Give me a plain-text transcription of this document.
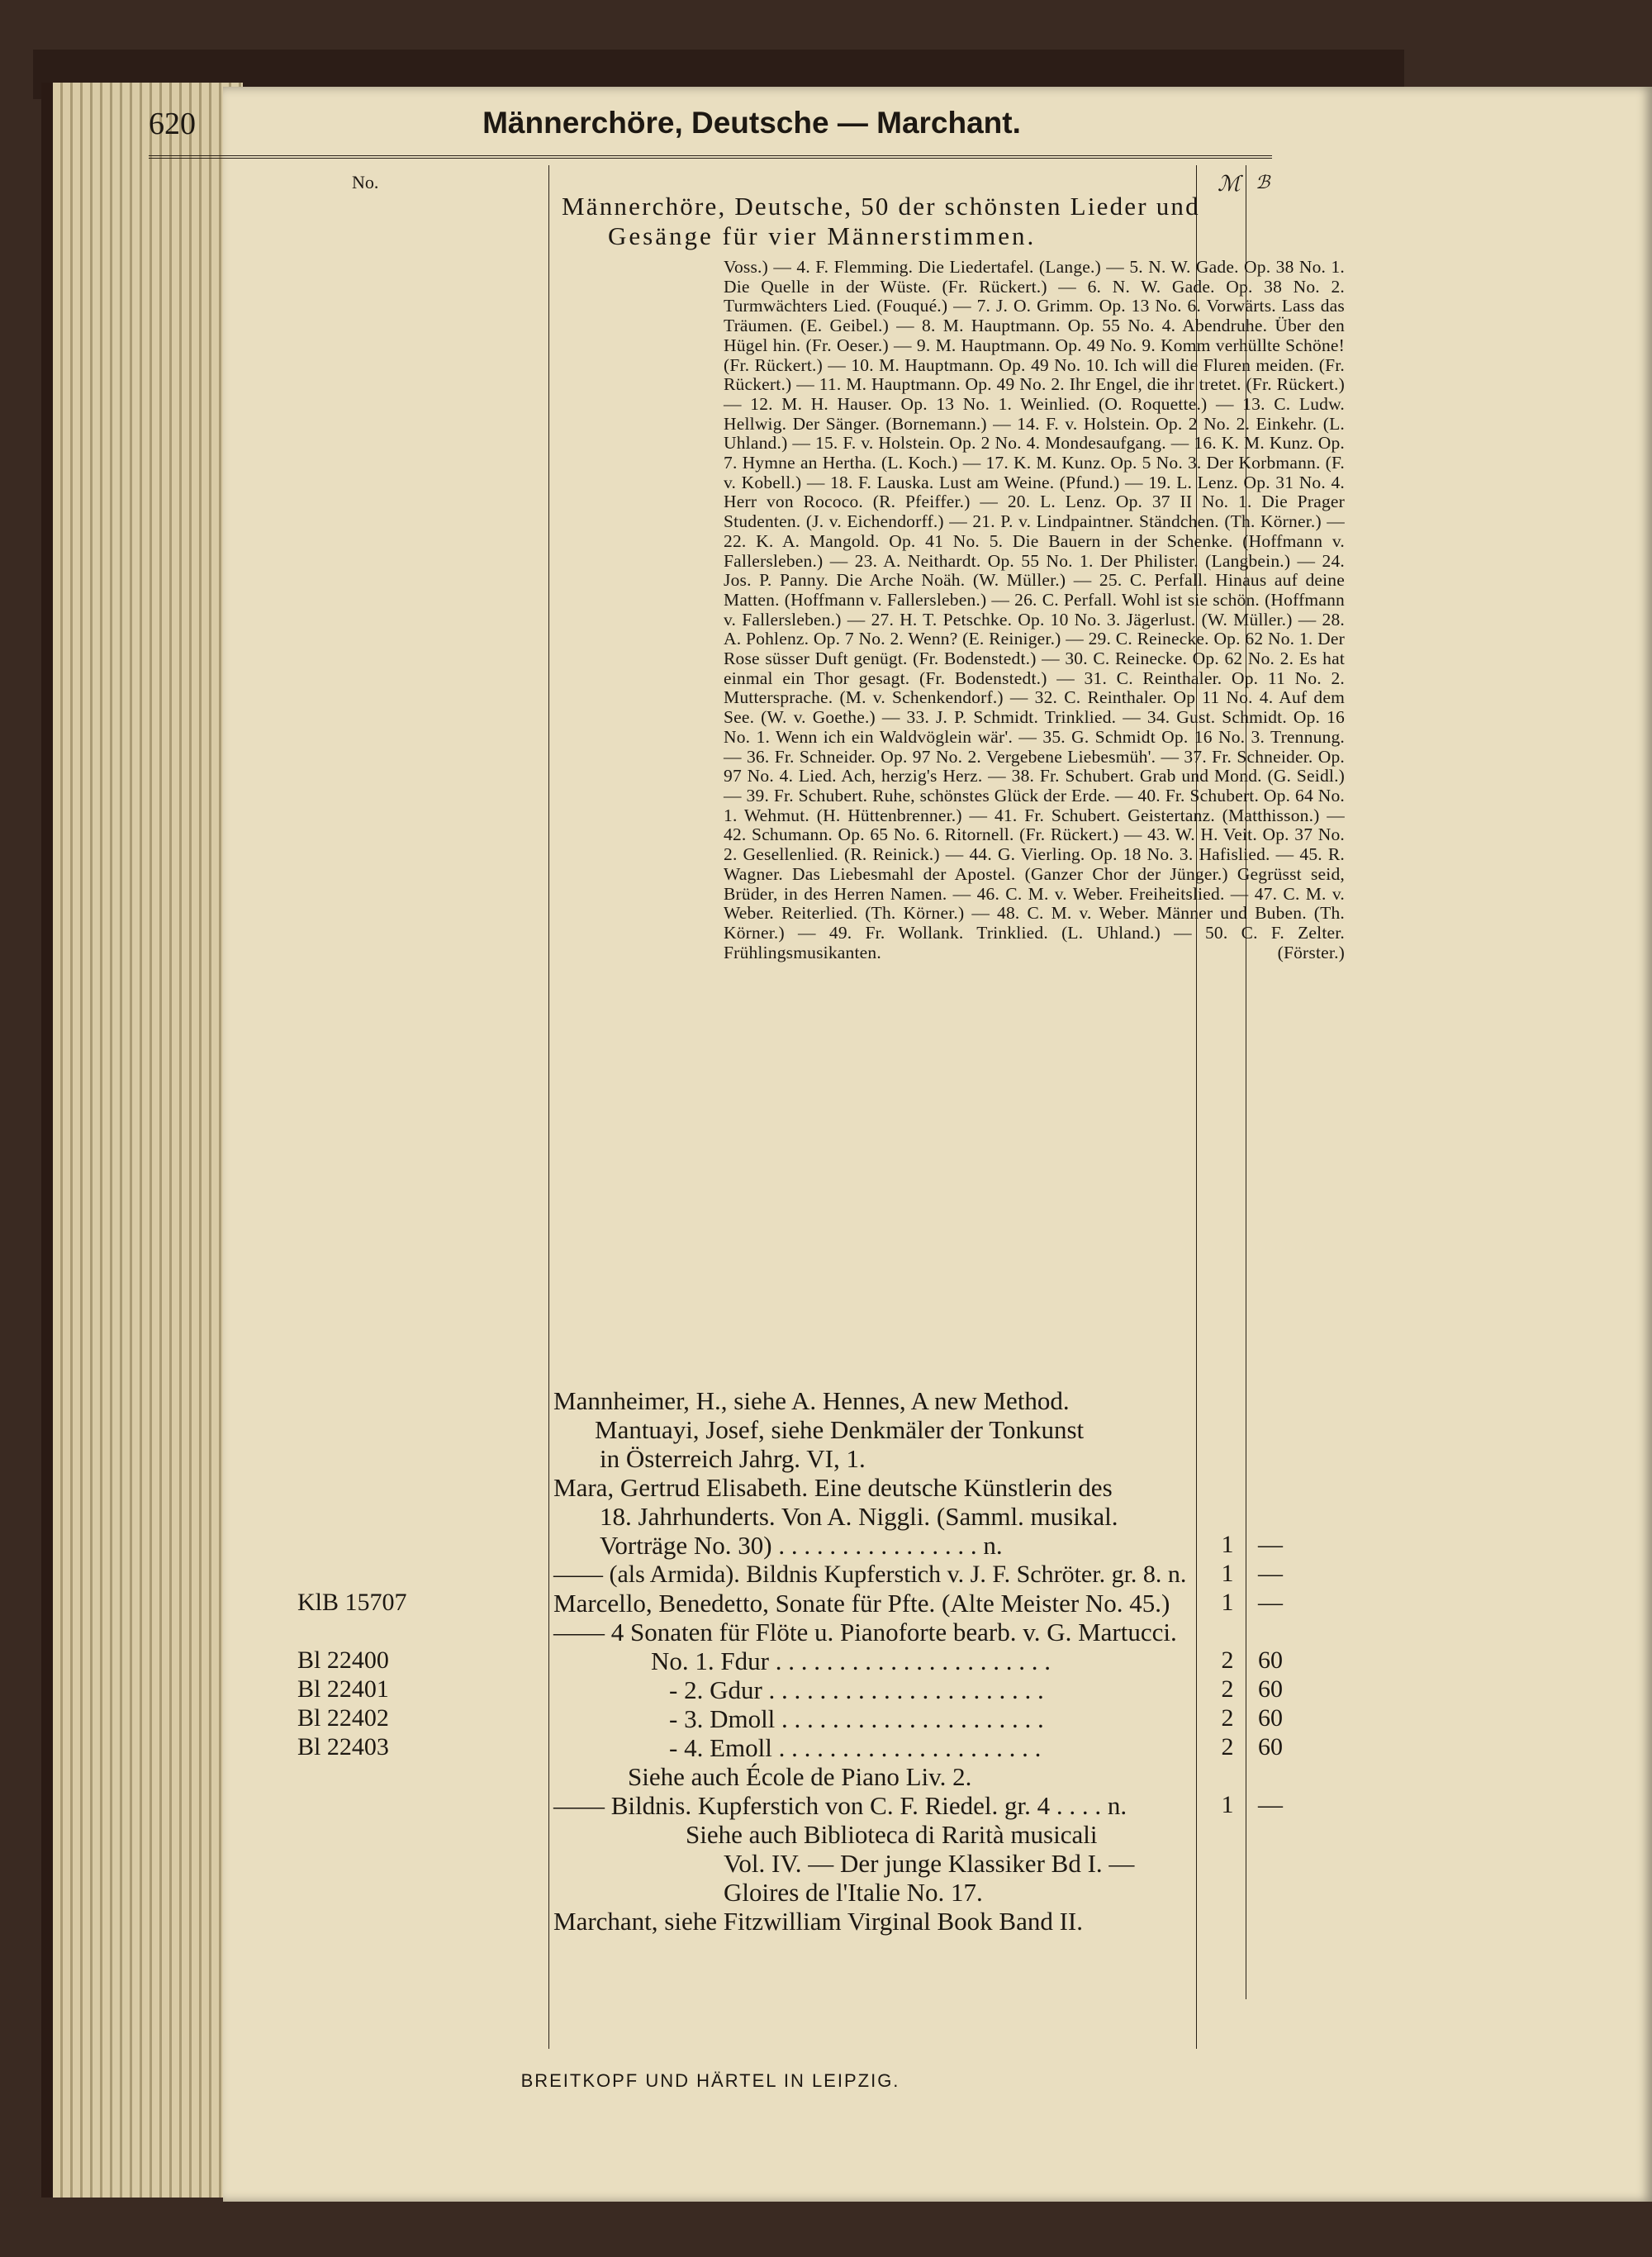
620	Männerchöre, Deutsche — Marchant.
No.	ℳ ℬ
Männerchöre, Deutsche, 50 der schönsten Lieder und
Gesänge für vier Männerstimmen.
Voss.) — 4. F. Flemming. Die Liedertafel. (Lange.) — 5. N. W. Gade. Op. 38 No. 1. Die Quelle in der Wüste. (Fr. Rückert.) — 6. N. W. Gade. Op. 38 No. 2. Turmwächters Lied. (Fouqué.) — 7. J. O. Grimm. Op. 13 No. 6. Vorwärts. Lass das Träumen. (E. Geibel.) — 8. M. Hauptmann. Op. 55 No. 4. Abendruhe. Über den Hügel hin. (Fr. Oeser.) — 9. M. Hauptmann. Op. 49 No. 9. Komm verhüllte Schöne! (Fr. Rückert.) — 10. M. Hauptmann. Op. 49 No. 10. Ich will die Fluren meiden. (Fr. Rückert.) — 11. M. Hauptmann. Op. 49 No. 2. Ihr Engel, die ihr tretet. (Fr. Rückert.) — 12. M. H. Hauser. Op. 13 No. 1. Weinlied. (O. Roquette.) — 13. C. Ludw. Hellwig. Der Sänger. (Bornemann.) — 14. F. v. Holstein. Op. 2 No. 2. Einkehr. (L. Uhland.) — 15. F. v. Holstein. Op. 2 No. 4. Mondesaufgang. — 16. K. M. Kunz. Op. 7. Hymne an Hertha. (L. Koch.) — 17. K. M. Kunz. Op. 5 No. 3. Der Korbmann. (F. v. Kobell.) — 18. F. Lauska. Lust am Weine. (Pfund.) — 19. L. Lenz. Op. 31 No. 4. Herr von Rococo. (R. Pfeiffer.) — 20. L. Lenz. Op. 37 II No. 1. Die Prager Studenten. (J. v. Eichendorff.) — 21. P. v. Lindpaintner. Ständchen. (Th. Körner.) — 22. K. A. Mangold. Op. 41 No. 5. Die Bauern in der Schenke. (Hoffmann v. Fallersleben.) — 23. A. Neithardt. Op. 55 No. 1. Der Philister. (Langbein.) — 24. Jos. P. Panny. Die Arche Noäh. (W. Müller.) — 25. C. Perfall. Hinaus auf deine Matten. (Hoffmann v. Fallersleben.) — 26. C. Perfall. Wohl ist sie schön. (Hoffmann v. Fallersleben.) — 27. H. T. Petschke. Op. 10 No. 3. Jägerlust. (W. Müller.) — 28. A. Pohlenz. Op. 7 No. 2. Wenn? (E. Reiniger.) — 29. C. Reinecke. Op. 62 No. 1. Der Rose süsser Duft genügt. (Fr. Bodenstedt.) — 30. C. Reinecke. Op. 62 No. 2. Es hat einmal ein Thor gesagt. (Fr. Bodenstedt.) — 31. C. Reinthaler. Op. 11 No. 2. Muttersprache. (M. v. Schenkendorf.) — 32. C. Reinthaler. Op 11 No. 4. Auf dem See. (W. v. Goethe.) — 33. J. P. Schmidt. Trinklied. — 34. Gust. Schmidt. Op. 16 No. 1. Wenn ich ein Waldvöglein wär'. — 35. G. Schmidt Op. 16 No. 3. Trennung. — 36. Fr. Schneider. Op. 97 No. 2. Vergebene Liebesmüh'. — 37. Fr. Schneider. Op. 97 No. 4. Lied. Ach, herzig's Herz. — 38. Fr. Schubert. Grab und Mond. (G. Seidl.) — 39. Fr. Schubert. Ruhe, schönstes Glück der Erde. — 40. Fr. Schubert. Op. 64 No. 1. Wehmut. (H. Hüttenbrenner.) — 41. Fr. Schubert. Geistertanz. (Matthisson.) — 42. Schumann. Op. 65 No. 6. Ritornell. (Fr. Rückert.) — 43. W. H. Veit. Op. 37 No. 2. Gesellenlied. (R. Reinick.) — 44. G. Vierling. Op. 18 No. 3. Hafislied. — 45. R. Wagner. Das Liebesmahl der Apostel. (Ganzer Chor der Jünger.) Gegrüsst seid, Brüder, in des Herren Namen. — 46. C. M. v. Weber. Freiheitslied. — 47. C. M. v. Weber. Reiterlied. (Th. Körner.) — 48. C. M. v. Weber. Männer und Buben. (Th. Körner.) — 49. Fr. Wollank. Trinklied. (L. Uhland.) — 50. C. F. Zelter. Frühlingsmusikanten. (Förster.)
Mannheimer, H., siehe A. Hennes, A new Method.
Mantuayi, Josef, siehe Denkmäler der Tonkunst
in Österreich Jahrg. VI, 1.
Mara, Gertrud Elisabeth. Eine deutsche Künstlerin des
18. Jahrhunderts. Von A. Niggli. (Samml. musikal.
Vorträge No. 30) . . . . . . . . . . . . . . . . n.	1 —
—— (als Armida). Bildnis Kupferstich v. J. F. Schröter. gr. 8. n.	1 —
KlB 15707	Marcello, Benedetto, Sonate für Pfte. (Alte Meister No. 45.)	1 —
—— 4 Sonaten für Flöte u. Pianoforte bearb. v. G. Martucci.
Bl 22400	No. 1. Fdur . . . . . . . . . . . . . . . . . . . . . .	2 60
Bl 22401	- 2. Gdur . . . . . . . . . . . . . . . . . . . . . .	2 60
Bl 22402	- 3. Dmoll . . . . . . . . . . . . . . . . . . . . .	2 60
Bl 22403	- 4. Emoll . . . . . . . . . . . . . . . . . . . . .	2 60
Siehe auch École de Piano Liv. 2.
—— Bildnis. Kupferstich von C. F. Riedel. gr. 4 . . . . n.	1 —
Siehe auch Biblioteca di Rarità musicali
Vol. IV. — Der junge Klassiker Bd I. —
Gloires de l'Italie No. 17.
Marchant, siehe Fitzwilliam Virginal Book Band II.
BREITKOPF UND HÄRTEL IN LEIPZIG.
